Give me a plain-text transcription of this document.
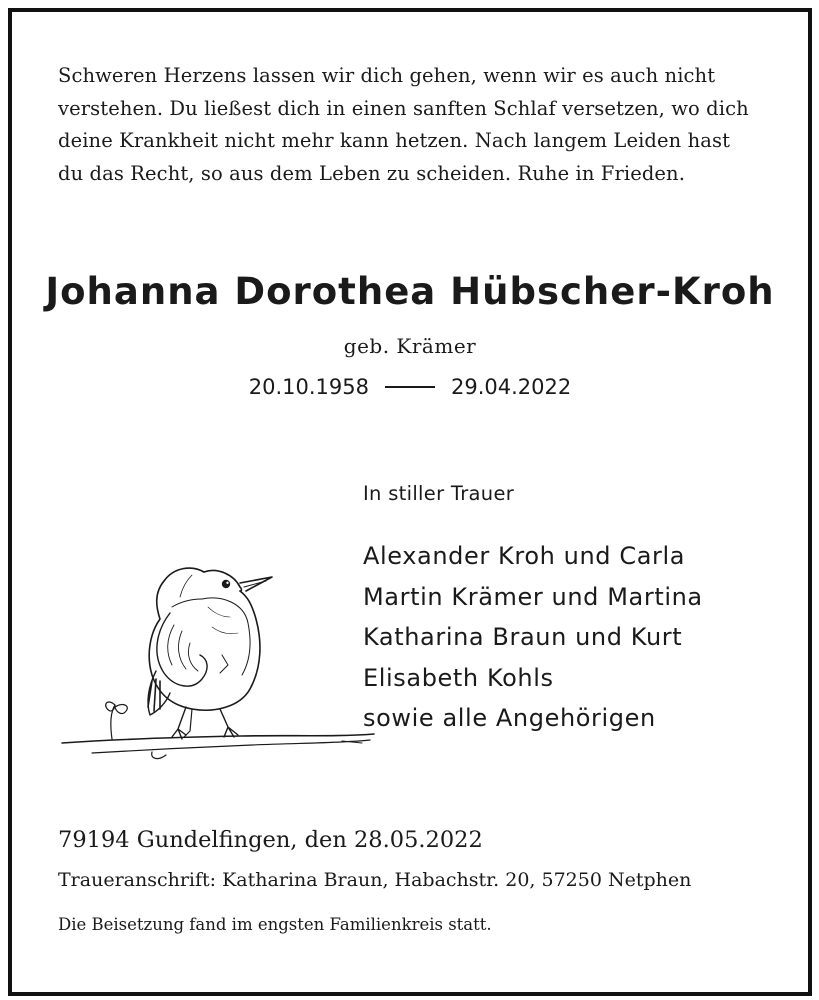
Schweren Herzens lassen wir dich gehen, wenn wir es auch nicht
verstehen. Du ließest dich in einen sanften Schlaf versetzen, wo dich
deine Krankheit nicht mehr kann hetzen. Nach langem Leiden hast
du das Recht, so aus dem Leben zu scheiden. Ruhe in Frieden.
Johanna Dorothea Hübscher-Kroh
geb. Krämer
20.10.1958	29.04.2022
In stiller Trauer
Alexander Kroh und Carla
Martin Krämer und Martina
Katharina Braun und Kurt
Elisabeth Kohls
sowie alle Angehörigen
79194 Gundelfingen, den 28.05.2022
Traueranschrift: Katharina Braun, Habachstr. 20, 57250 Netphen
Die Beisetzung fand im engsten Familienkreis statt.
